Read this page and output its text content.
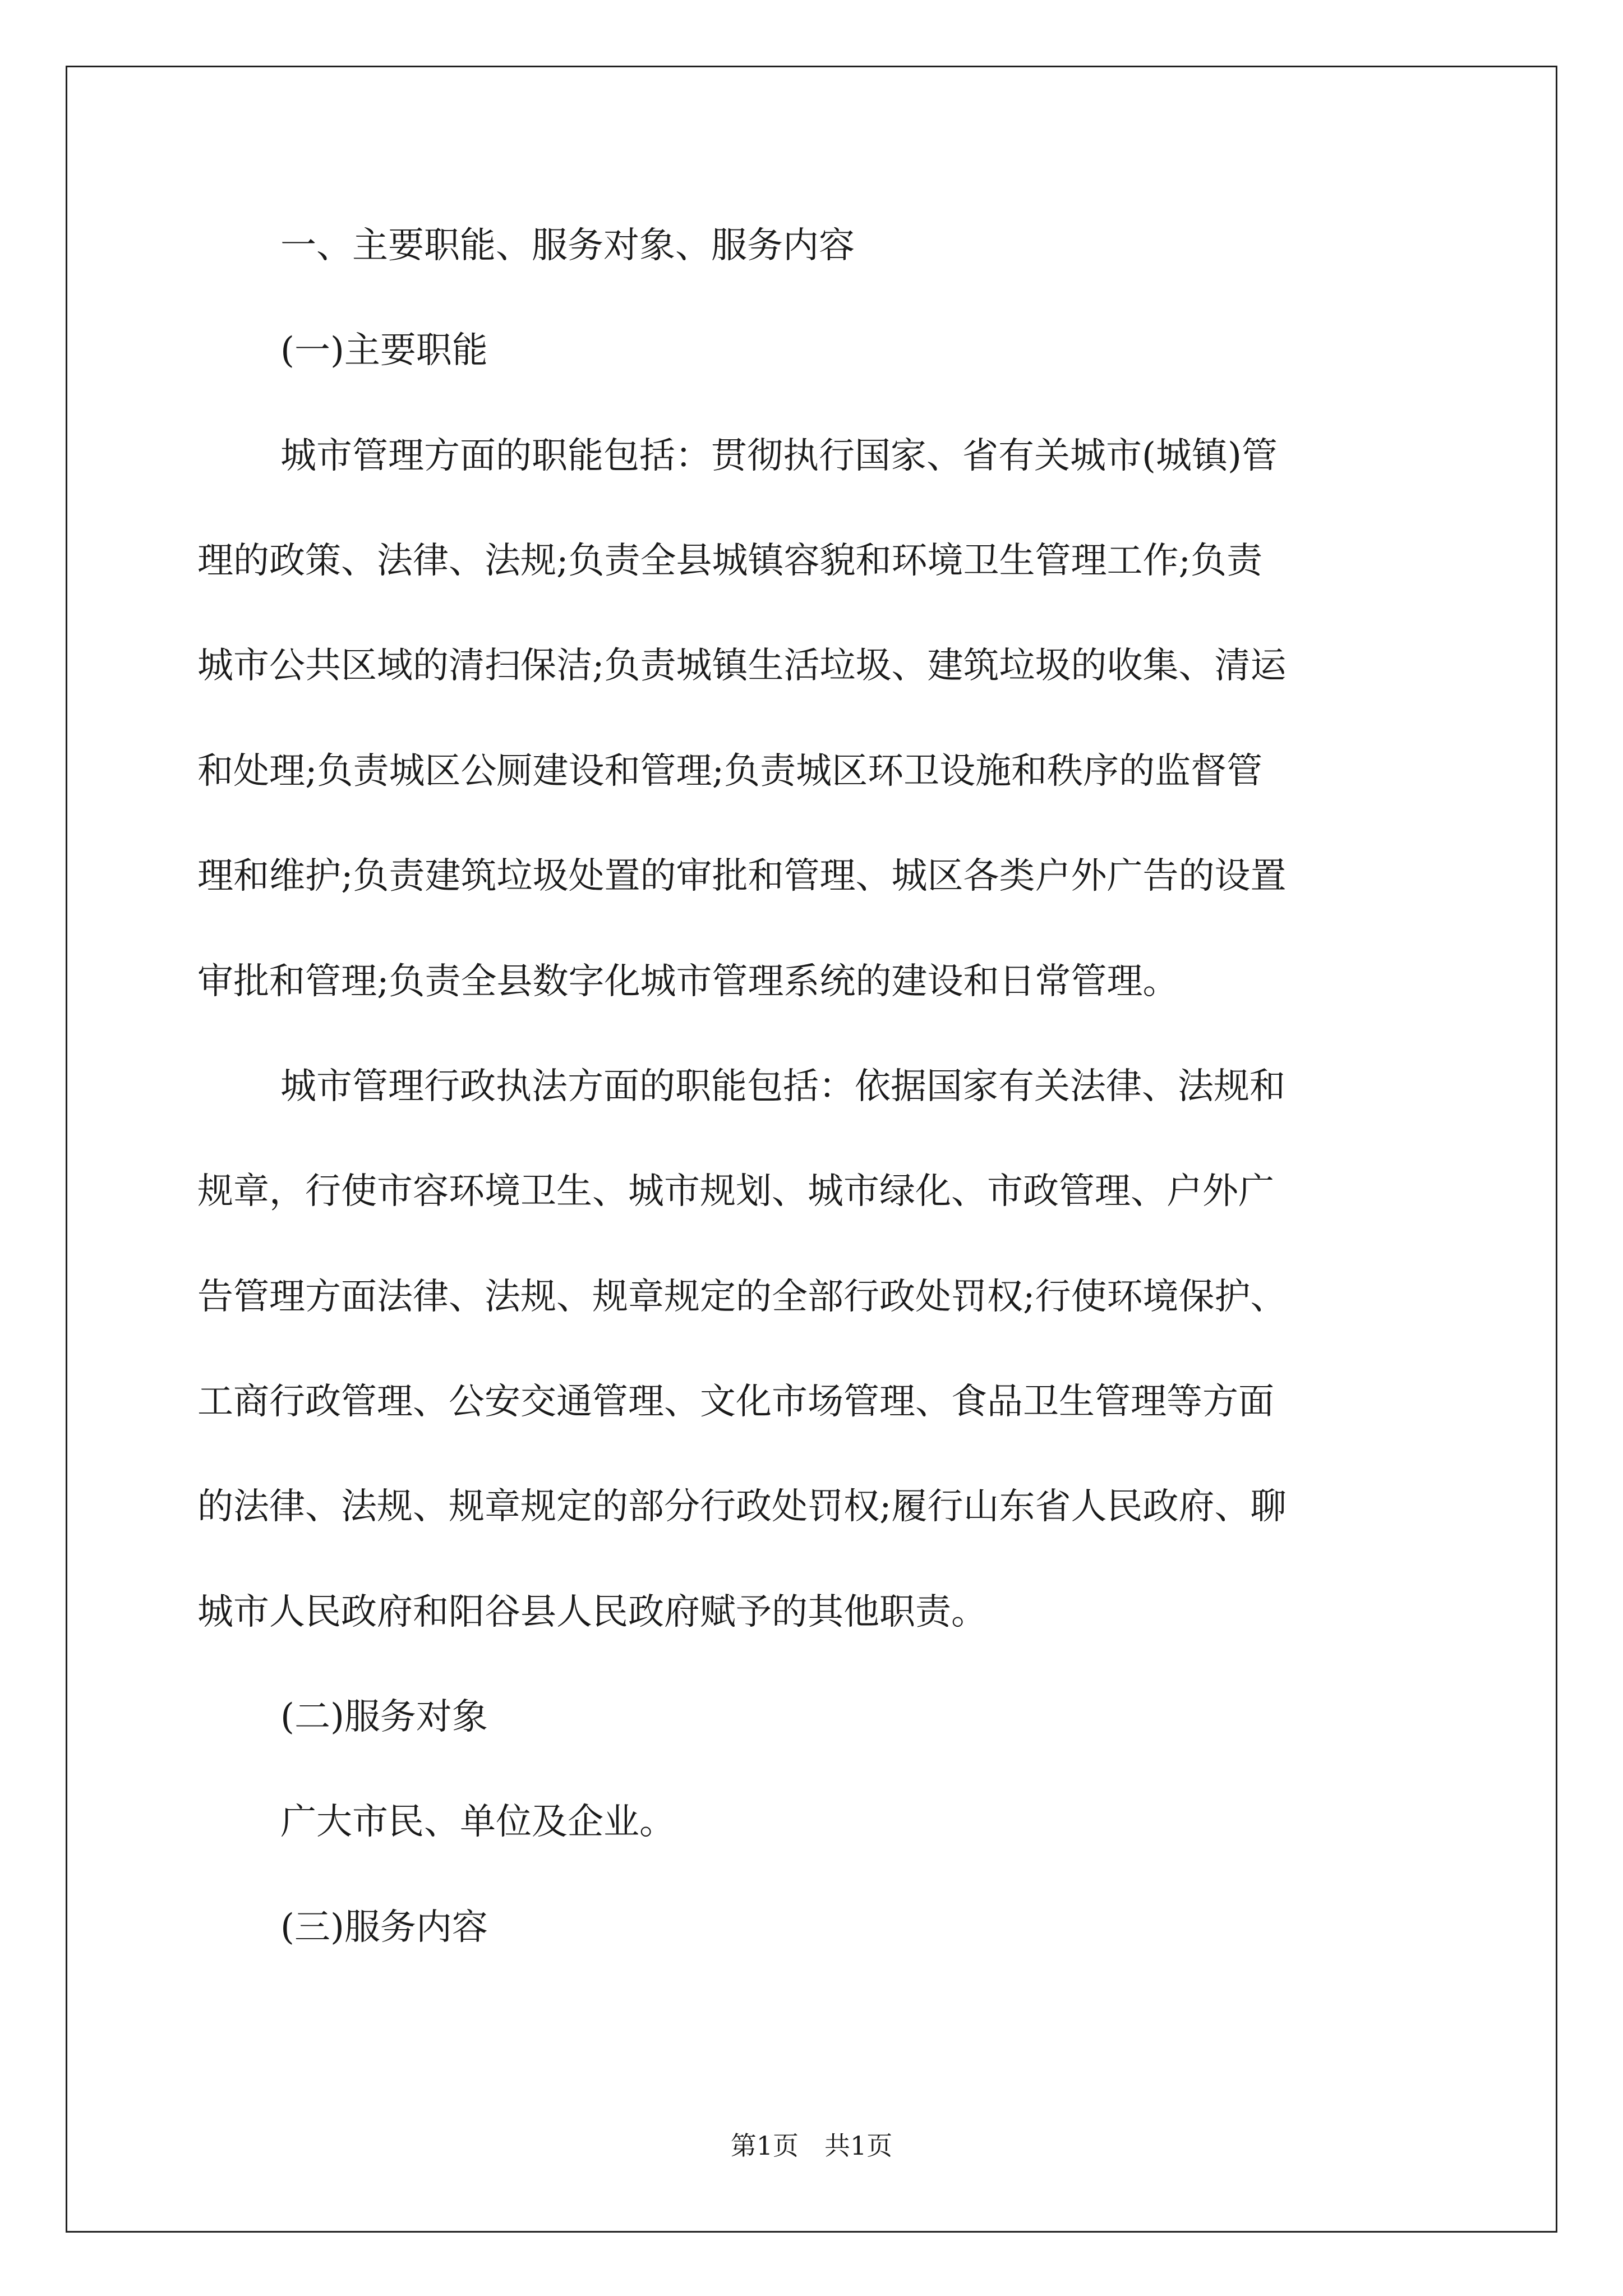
一、主要职能、服务对象、服务内容
(一)主要职能
城市管理方面的职能包括：贯彻执行国家、省有关城市(城镇)管
理的政策、法律、法规;负责全县城镇容貌和环境卫生管理工作;负责
城市公共区域的清扫保洁;负责城镇生活垃圾、建筑垃圾的收集、清运
和处理;负责城区公厕建设和管理;负责城区环卫设施和秩序的监督管
理和维护;负责建筑垃圾处置的审批和管理、城区各类户外广告的设置
审批和管理;负责全县数字化城市管理系统的建设和日常管理。
城市管理行政执法方面的职能包括：依据国家有关法律、法规和
规章，行使市容环境卫生、城市规划、城市绿化、市政管理、户外广
告管理方面法律、法规、规章规定的全部行政处罚权;行使环境保护、
工商行政管理、公安交通管理、文化市场管理、食品卫生管理等方面
的法律、法规、规章规定的部分行政处罚权;履行山东省人民政府、聊
城市人民政府和阳谷县人民政府赋予的其他职责。
(二)服务对象
广大市民、单位及企业。
(三)服务内容
第1页　共1页
